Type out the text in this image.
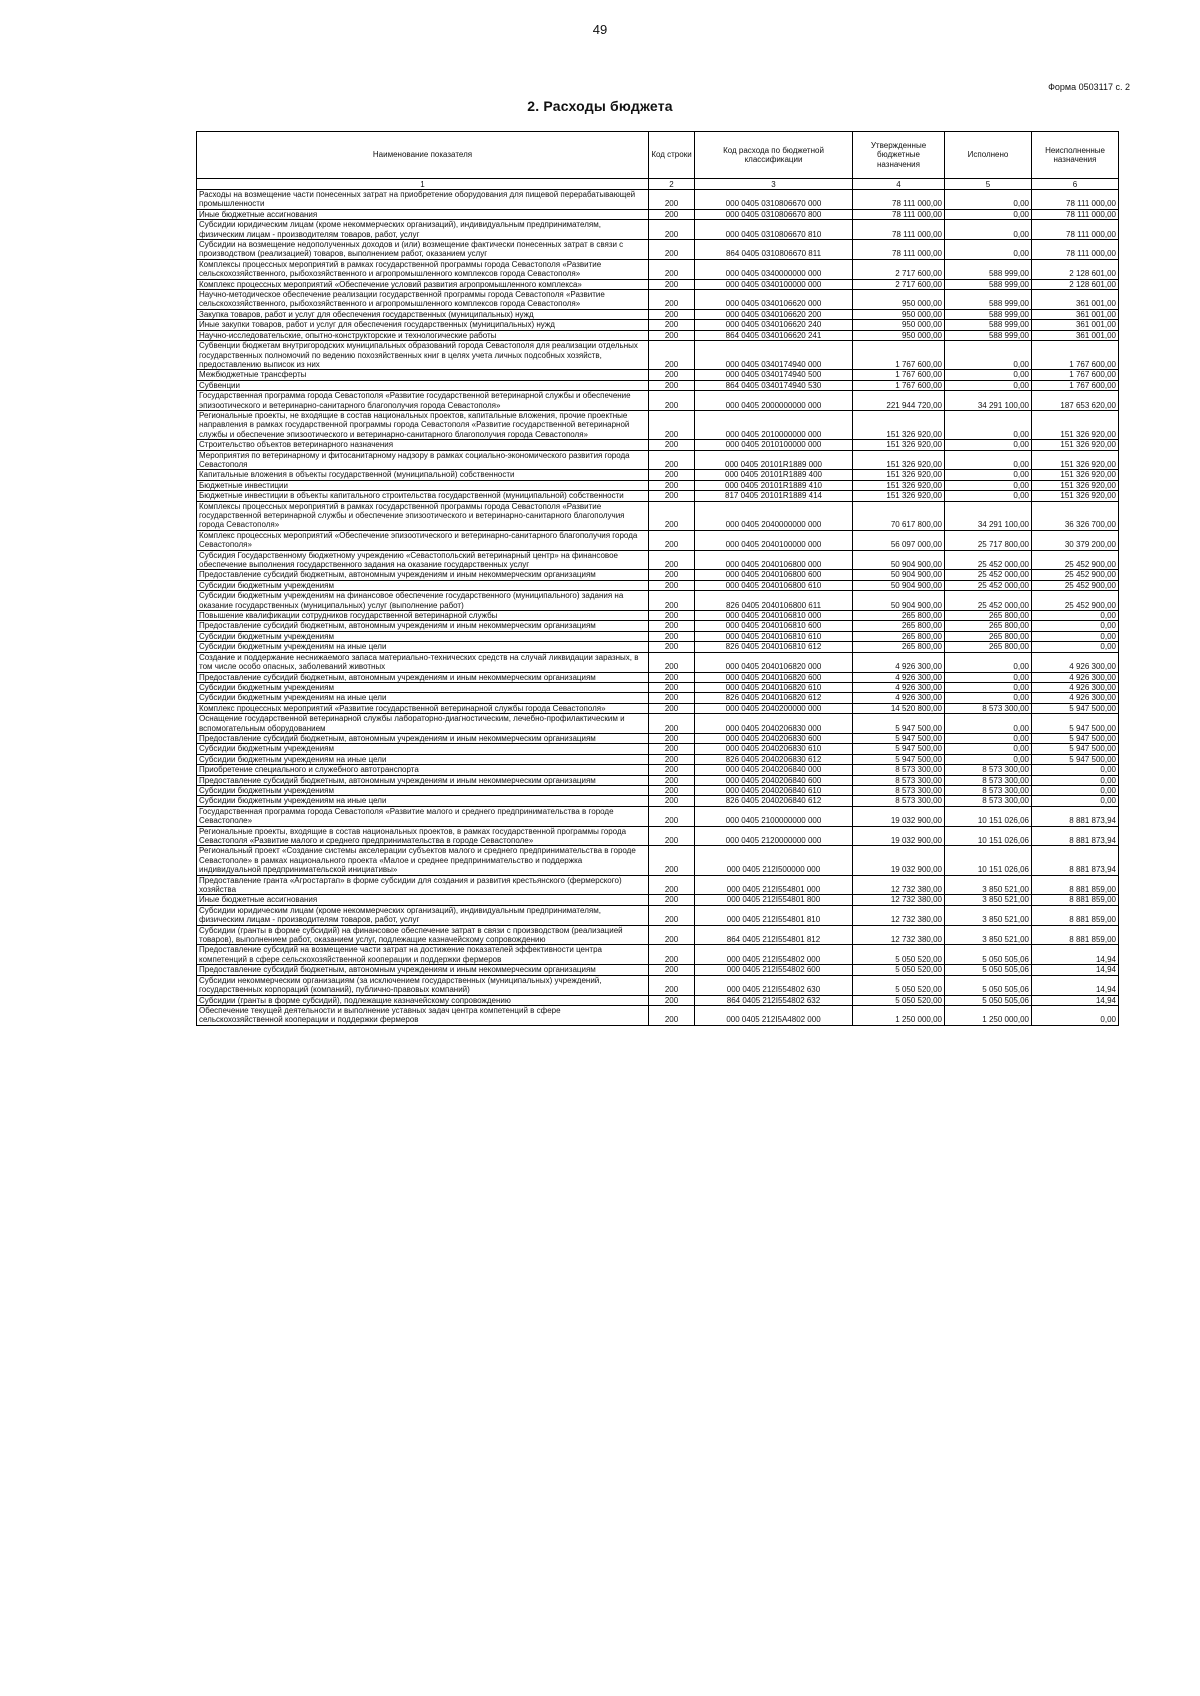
49
Форма 0503117 с. 2
2. Расходы бюджета
Наименование показателя	Код строки	Код расхода по бюджетной классификации	Утвержденные бюджетные назначения	Исполнено	Неисполненные назначения
1	2	3	4	5	6
Расходы на возмещение части понесенных затрат на приобретение оборудования для пищевой перерабатывающей промышленности	200	000 0405 0310806670 000	78 111 000,00	0,00	78 111 000,00
Иные бюджетные ассигнования	200	000 0405 0310806670 800	78 111 000,00	0,00	78 111 000,00
Субсидии юридическим лицам (кроме некоммерческих организаций), индивидуальным предпринимателям, физическим лицам - производителям товаров, работ, услуг	200	000 0405 0310806670 810	78 111 000,00	0,00	78 111 000,00
Субсидии на возмещение недополученных доходов и (или) возмещение фактически понесенных затрат в связи с производством (реализацией) товаров, выполнением работ, оказанием услуг	200	864 0405 0310806670 811	78 111 000,00	0,00	78 111 000,00
Комплексы процессных мероприятий в рамках государственной программы города Севастополя «Развитие сельскохозяйственного, рыбохозяйственного и агропромышленного комплексов города Севастополя»	200	000 0405 0340000000 000	2 717 600,00	588 999,00	2 128 601,00
Комплекс процессных мероприятий «Обеспечение условий развития агропромышленного комплекса»	200	000 0405 0340100000 000	2 717 600,00	588 999,00	2 128 601,00
Научно-методическое обеспечение реализации государственной программы города Севастополя «Развитие сельскохозяйственного, рыбохозяйственного и агропромышленного комплексов города Севастополя»	200	000 0405 0340106620 000	950 000,00	588 999,00	361 001,00
Закупка товаров, работ и услуг для обеспечения государственных (муниципальных) нужд	200	000 0405 0340106620 200	950 000,00	588 999,00	361 001,00
Иные закупки товаров, работ и услуг для обеспечения государственных (муниципальных) нужд	200	000 0405 0340106620 240	950 000,00	588 999,00	361 001,00
Научно-исследовательские, опытно-конструкторские и технологические работы	200	864 0405 0340106620 241	950 000,00	588 999,00	361 001,00
Субвенции бюджетам внутригородских муниципальных образований города Севастополя для реализации отдельных государственных полномочий по ведению похозяйственных книг в целях учета личных подсобных хозяйств, предоставлению выписок из них	200	000 0405 0340174940 000	1 767 600,00	0,00	1 767 600,00
Межбюджетные трансферты	200	000 0405 0340174940 500	1 767 600,00	0,00	1 767 600,00
Субвенции	200	864 0405 0340174940 530	1 767 600,00	0,00	1 767 600,00
Государственная программа города Севастополя «Развитие государственной ветеринарной службы и обеспечение эпизоотического и ветеринарно-санитарного благополучия города Севастополя»	200	000 0405 2000000000 000	221 944 720,00	34 291 100,00	187 653 620,00
Региональные проекты, не входящие в состав национальных проектов, капитальные вложения, прочие проектные направления в рамках государственной программы города Севастополя «Развитие государственной ветеринарной службы и обеспечение эпизоотического и ветеринарно-санитарного благополучия города Севастополя»	200	000 0405 2010000000 000	151 326 920,00	0,00	151 326 920,00
Строительство объектов ветеринарного назначения	200	000 0405 2010100000 000	151 326 920,00	0,00	151 326 920,00
Мероприятия по ветеринарному и фитосанитарному надзору в рамках социально-экономического развития города Севастополя	200	000 0405 20101R1889 000	151 326 920,00	0,00	151 326 920,00
Капитальные вложения в объекты государственной (муниципальной) собственности	200	000 0405 20101R1889 400	151 326 920,00	0,00	151 326 920,00
Бюджетные инвестиции	200	000 0405 20101R1889 410	151 326 920,00	0,00	151 326 920,00
Бюджетные инвестиции в объекты капитального строительства государственной (муниципальной) собственности	200	817 0405 20101R1889 414	151 326 920,00	0,00	151 326 920,00
Комплексы процессных мероприятий в рамках государственной программы города Севастополя «Развитие государственной ветеринарной службы и обеспечение эпизоотического и ветеринарно-санитарного благополучия города Севастополя»	200	000 0405 2040000000 000	70 617 800,00	34 291 100,00	36 326 700,00
Комплекс процессных мероприятий «Обеспечение эпизоотического и ветеринарно-санитарного благополучия города Севастополя»	200	000 0405 2040100000 000	56 097 000,00	25 717 800,00	30 379 200,00
Субсидия Государственному бюджетному учреждению «Севастопольский ветеринарный центр» на финансовое обеспечение выполнения государственного задания на оказание государственных услуг	200	000 0405 2040106800 000	50 904 900,00	25 452 000,00	25 452 900,00
Предоставление субсидий бюджетным, автономным учреждениям и иным некоммерческим организациям	200	000 0405 2040106800 600	50 904 900,00	25 452 000,00	25 452 900,00
Субсидии бюджетным учреждениям	200	000 0405 2040106800 610	50 904 900,00	25 452 000,00	25 452 900,00
Субсидии бюджетным учреждениям на финансовое обеспечение государственного (муниципального) задания на оказание государственных (муниципальных) услуг (выполнение работ)	200	826 0405 2040106800 611	50 904 900,00	25 452 000,00	25 452 900,00
Повышение квалификации сотрудников государственной ветеринарной службы	200	000 0405 2040106810 000	265 800,00	265 800,00	0,00
Предоставление субсидий бюджетным, автономным учреждениям и иным некоммерческим организациям	200	000 0405 2040106810 600	265 800,00	265 800,00	0,00
Субсидии бюджетным учреждениям	200	000 0405 2040106810 610	265 800,00	265 800,00	0,00
Субсидии бюджетным учреждениям на иные цели	200	826 0405 2040106810 612	265 800,00	265 800,00	0,00
Создание и поддержание неснижаемого запаса материально-технических средств на случай ликвидации заразных, в том числе особо опасных, заболеваний животных	200	000 0405 2040106820 000	4 926 300,00	0,00	4 926 300,00
Предоставление субсидий бюджетным, автономным учреждениям и иным некоммерческим организациям	200	000 0405 2040106820 600	4 926 300,00	0,00	4 926 300,00
Субсидии бюджетным учреждениям	200	000 0405 2040106820 610	4 926 300,00	0,00	4 926 300,00
Субсидии бюджетным учреждениям на иные цели	200	826 0405 2040106820 612	4 926 300,00	0,00	4 926 300,00
Комплекс процессных мероприятий «Развитие государственной ветеринарной службы города Севастополя»	200	000 0405 2040200000 000	14 520 800,00	8 573 300,00	5 947 500,00
Оснащение государственной ветеринарной службы лабораторно-диагностическим, лечебно-профилактическим и вспомогательным оборудованием	200	000 0405 2040206830 000	5 947 500,00	0,00	5 947 500,00
Предоставление субсидий бюджетным, автономным учреждениям и иным некоммерческим организациям	200	000 0405 2040206830 600	5 947 500,00	0,00	5 947 500,00
Субсидии бюджетным учреждениям	200	000 0405 2040206830 610	5 947 500,00	0,00	5 947 500,00
Субсидии бюджетным учреждениям на иные цели	200	826 0405 2040206830 612	5 947 500,00	0,00	5 947 500,00
Приобретение специального и служебного автотранспорта	200	000 0405 2040206840 000	8 573 300,00	8 573 300,00	0,00
Предоставление субсидий бюджетным, автономным учреждениям и иным некоммерческим организациям	200	000 0405 2040206840 600	8 573 300,00	8 573 300,00	0,00
Субсидии бюджетным учреждениям	200	000 0405 2040206840 610	8 573 300,00	8 573 300,00	0,00
Субсидии бюджетным учреждениям на иные цели	200	826 0405 2040206840 612	8 573 300,00	8 573 300,00	0,00
Государственная программа города Севастополя «Развитие малого и среднего предпринимательства в городе Севастополе»	200	000 0405 2100000000 000	19 032 900,00	10 151 026,06	8 881 873,94
Региональные проекты, входящие в состав национальных проектов, в рамках государственной программы города Севастополя «Развитие малого и среднего предпринимательства в городе Севастополе»	200	000 0405 2120000000 000	19 032 900,00	10 151 026,06	8 881 873,94
Региональный проект «Создание системы акселерации субъектов малого и среднего предпринимательства в городе Севастополе» в рамках национального проекта «Малое и среднее предпринимательство и поддержка индивидуальной предпринимательской инициативы»	200	000 0405 212I500000 000	19 032 900,00	10 151 026,06	8 881 873,94
Предоставление гранта «Агростартап» в форме субсидии для создания и развития крестьянского (фермерского) хозяйства	200	000 0405 212I554801 000	12 732 380,00	3 850 521,00	8 881 859,00
Иные бюджетные ассигнования	200	000 0405 212I554801 800	12 732 380,00	3 850 521,00	8 881 859,00
Субсидии юридическим лицам (кроме некоммерческих организаций), индивидуальным предпринимателям, физическим лицам - производителям товаров, работ, услуг	200	000 0405 212I554801 810	12 732 380,00	3 850 521,00	8 881 859,00
Субсидии (гранты в форме субсидий) на финансовое обеспечение затрат в связи с производством (реализацией товаров), выполнением работ, оказанием услуг, подлежащие казначейскому сопровождению	200	864 0405 212I554801 812	12 732 380,00	3 850 521,00	8 881 859,00
Предоставление субсидий на возмещение части затрат на достижение показателей эффективности центра компетенций в сфере сельскохозяйственной кооперации и поддержки фермеров	200	000 0405 212I554802 000	5 050 520,00	5 050 505,06	14,94
Предоставление субсидий бюджетным, автономным учреждениям и иным некоммерческим организациям	200	000 0405 212I554802 600	5 050 520,00	5 050 505,06	14,94
Субсидии некоммерческим организациям (за исключением государственных (муниципальных) учреждений, государственных корпораций (компаний), публично-правовых компаний)	200	000 0405 212I554802 630	5 050 520,00	5 050 505,06	14,94
Субсидии (гранты в форме субсидий), подлежащие казначейскому сопровождению	200	864 0405 212I554802 632	5 050 520,00	5 050 505,06	14,94
Обеспечение текущей деятельности и выполнение уставных задач центра компетенций в сфере сельскохозяйственной кооперации и поддержки фермеров	200	000 0405 212I5A4802 000	1 250 000,00	1 250 000,00	0,00
